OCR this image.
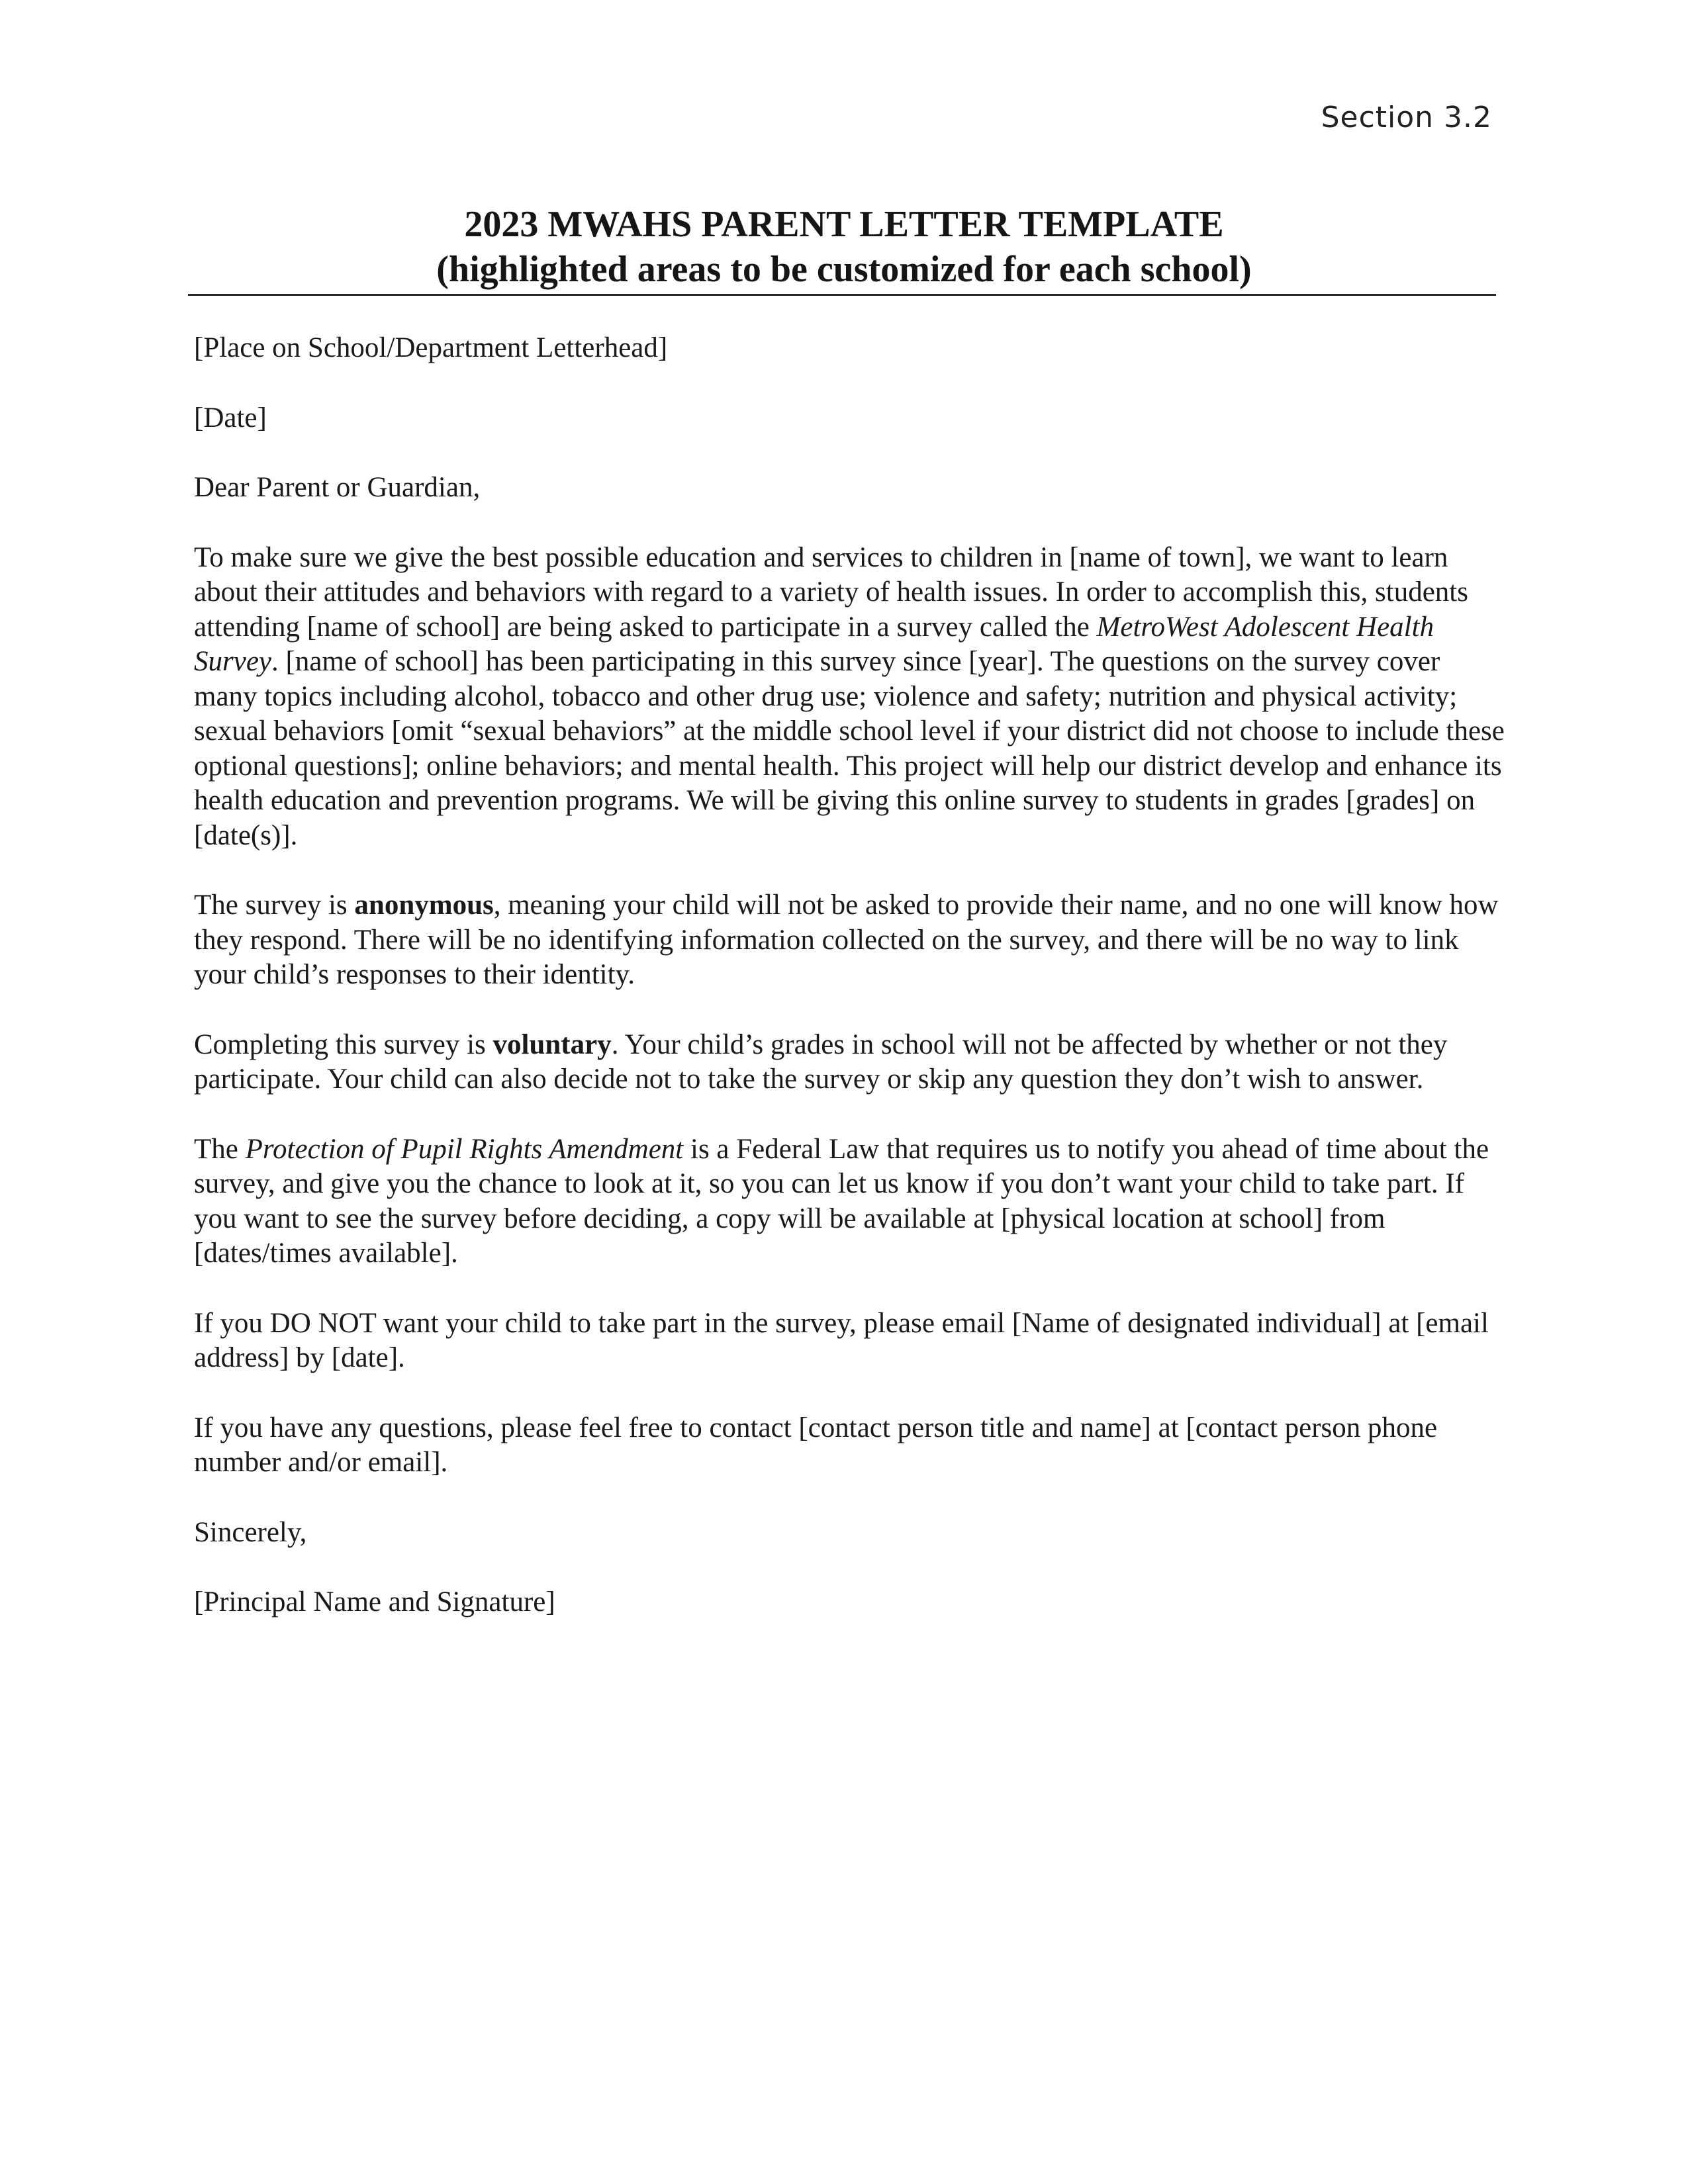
Section 3.2
2023 MWAHS PARENT LETTER TEMPLATE
(highlighted areas to be customized for each school)

[Place on School/Department Letterhead]

[Date]

Dear Parent or Guardian,

To make sure we give the best possible education and services to children in [name of town], we want to learn about their attitudes and behaviors with regard to a variety of health issues. In order to accomplish this, students attending [name of school] are being asked to participate in a survey called the MetroWest Adolescent Health Survey. [name of school] has been participating in this survey since [year]. The questions on the survey cover many topics including alcohol, tobacco and other drug use; violence and safety; nutrition and physical activity; sexual behaviors [omit “sexual behaviors” at the middle school level if your district did not choose to include these optional questions]; online behaviors; and mental health. This project will help our district develop and enhance its health education and prevention programs. We will be giving this online survey to students in grades [grades] on [date(s)].

The survey is anonymous, meaning your child will not be asked to provide their name, and no one will know how they respond. There will be no identifying information collected on the survey, and there will be no way to link your child’s responses to their identity.

Completing this survey is voluntary. Your child’s grades in school will not be affected by whether or not they participate. Your child can also decide not to take the survey or skip any question they don’t wish to answer.

The Protection of Pupil Rights Amendment is a Federal Law that requires us to notify you ahead of time about the survey, and give you the chance to look at it, so you can let us know if you don’t want your child to take part. If you want to see the survey before deciding, a copy will be available at [physical location at school] from [dates/times available].

If you DO NOT want your child to take part in the survey, please email [Name of designated individual] at [email address] by [date].

If you have any questions, please feel free to contact [contact person title and name] at [contact person phone number and/or email].

Sincerely,

[Principal Name and Signature]
